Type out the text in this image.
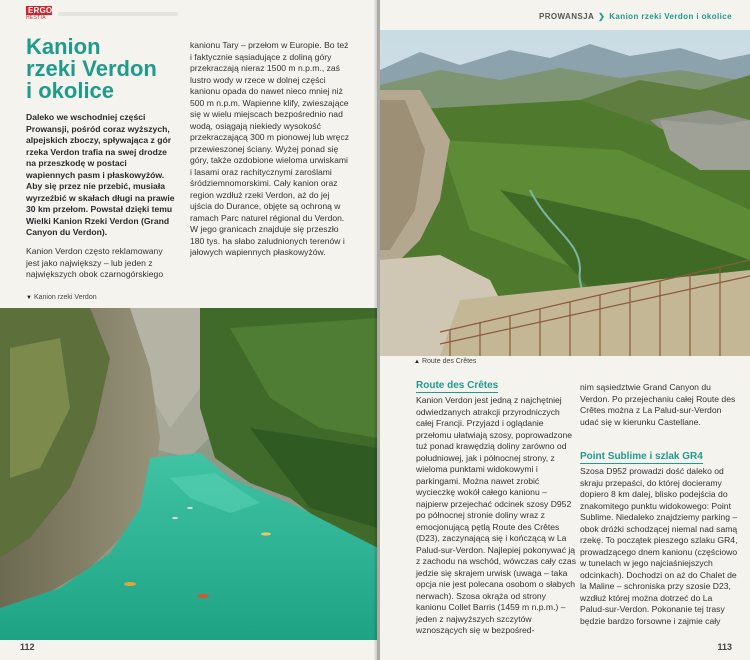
ERGO
HESTIA
Kanion
rzeki Verdon
i okolice

Daleko we wschodniej części Prowansji, pośród coraz wyższych, alpejskich zboczy, spływająca z gór rzeka Verdon trafia na swej drodze na przeszkodę w postaci wapiennych pasm i płaskowyżów. Aby się przez nie przebić, musiała wyrzeźbić w skałach długi na prawie 30 km przełom. Powstał dzięki temu Wielki Kanion Rzeki Verdon (Grand Canyon du Verdon).

Kanion Verdon często reklamowany jest jako największy – lub jeden z największych obok czarnogórskiego

kanionu Tary – przełom w Europie. Bo też i faktycznie sąsiadujące z doliną góry przekraczają nieraz 1500 m n.p.m., zaś lustro wody w rzece w dolnej części kanionu opada do nawet nieco mniej niż 500 m n.p.m. Wapienne klify, zwieszające się w wielu miejscach bezpośrednio nad wodą, osiągają niekiedy wysokość przekraczającą 300 m pionowej lub wręcz przewieszonej ściany. Wyżej ponad się góry, także ozdobione wieloma urwiskami i lasami oraz rachitycznymi zaroślami śródziemnomorskimi. Cały kanion oraz region wzdłuż rzeki Verdon, aż do jej ujścia do Durance, objęte są ochroną w ramach Parc naturel régional du Verdon. W jego granicach znajduje się przeszło 180 tys. ha słabo zaludnionych terenów i jałowych wapiennych płaskowyżów.

▼ Kanion rzeki Verdon
112
PROWANSJA ❯ Kanion rzeki Verdon i okolice
▲ Route des Crêtes
Route des Crêtes

Kanion Verdon jest jedną z najchętniej odwiedzanych atrakcji przyrodniczych całej Francji. Przyjazd i oglądanie przełomu ułatwiają szosy, poprowadzone tuż ponad krawędzią doliny zarówno od południowej, jak i północnej strony, z wieloma punktami widokowymi i parkingami. Można nawet zrobić wycieczkę wokół całego kanionu – najpierw przejechać odcinek szosy D952 po północnej stronie doliny wraz z emocjonującą pętlą Route des Crêtes (D23), zaczynającą się i kończącą w La Palud-sur-Verdon. Najlepiej pokonywać ją z zachodu na wschód, wówczas cały czas jedzie się skrajem urwisk (uwaga – taka opcja nie jest polecana osobom o słabych nerwach). Szosa okrąża od strony kanionu Collet Barris (1459 m n.p.m.) – jeden z najwyższych szczytów wznoszących się w bezpośred-

nim sąsiedztwie Grand Canyon du Verdon. Po przejechaniu całej Route des Crêtes można z La Palud-sur-Verdon udać się w kierunku Castellane.

Point Sublime i szlak GR4

Szosa D952 prowadzi dość daleko od skraju przepaści, do której docieramy dopiero 8 km dalej, blisko podejścia do znakomitego punktu widokowego: Point Sublime. Niedaleko znajdziemy parking – obok dróżki schodzącej niemal nad samą rzekę. To początek pieszego szlaku GR4, prowadzącego dnem kanionu (częściowo w tunelach w jego najciaśniejszych odcinkach). Dochodzi on aż do Chalet de la Maline – schroniska przy szosie D23, wzdłuż której można dotrzeć do La Palud-sur-Verdon. Pokonanie tej trasy będzie bardzo forsowne i zajmie cały

113
